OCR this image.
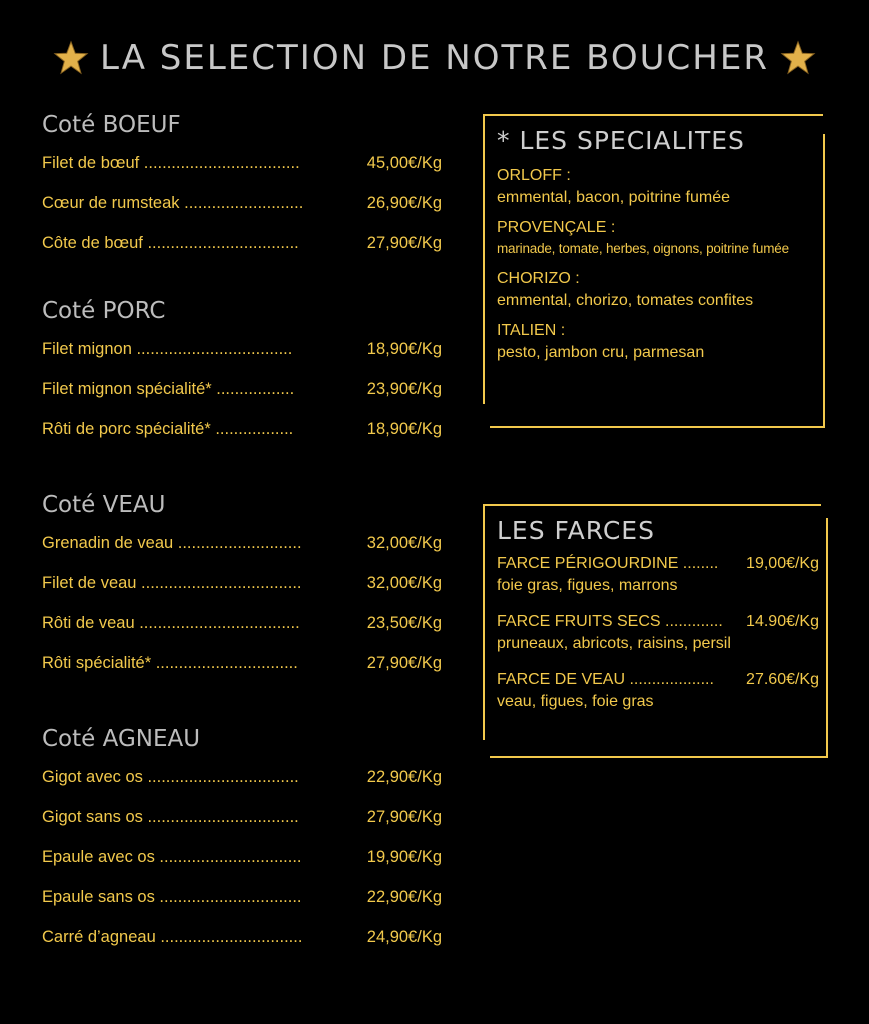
LA SELECTION DE NOTRE BOUCHER
Coté BOEUF
Filet de bœuf ..................................	45,00€/Kg
Cœur de rumsteak ..........................	26,90€/Kg
Côte de bœuf .................................	27,90€/Kg
Coté PORC
Filet mignon ..................................	18,90€/Kg
Filet mignon spécialité* .................	23,90€/Kg
Rôti de porc spécialité* .................	18,90€/Kg
Coté VEAU
Grenadin de veau ...........................	32,00€/Kg
Filet de veau ...................................	32,00€/Kg
Rôti de veau ...................................	23,50€/Kg
Rôti spécialité* ...............................	27,90€/Kg
Coté AGNEAU
Gigot avec os .................................	22,90€/Kg
Gigot sans os .................................	27,90€/Kg
Epaule avec os ...............................	19,90€/Kg
Epaule sans os ...............................	22,90€/Kg
Carré d’agneau ...............................	24,90€/Kg
* LES SPECIALITES
ORLOFF :
emmental, bacon, poitrine fumée
PROVENÇALE :
marinade, tomate, herbes, oignons, poitrine fumée
CHORIZO :
emmental, chorizo, tomates confites
ITALIEN :
pesto, jambon cru, parmesan
LES FARCES
FARCE PÉRIGOURDINE ........ 19,00€/Kg
foie gras, figues, marrons
FARCE FRUITS SECS ............. 14.90€/Kg
pruneaux, abricots, raisins, persil
FARCE DE VEAU ................... 27.60€/Kg
veau, figues, foie gras
